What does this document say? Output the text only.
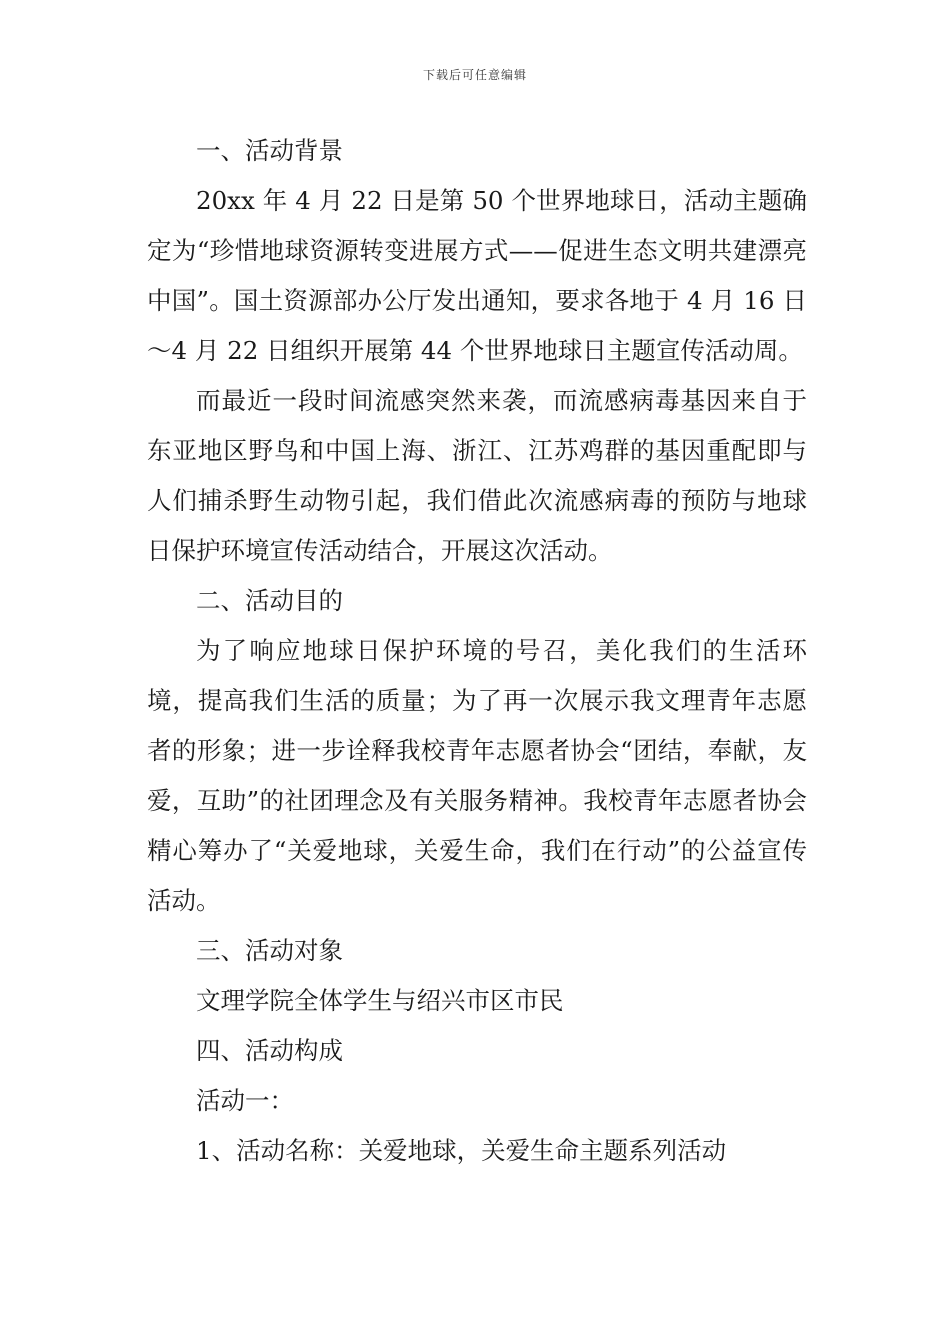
下载后可任意编辑

一、活动背景

20xx 年 4 月 22 日是第 50 个世界地球日，活动主题确定为“珍惜地球资源转变进展方式——促进生态文明共建漂亮中国”。国土资源部办公厅发出通知，要求各地于 4 月 16 日～4 月 22 日组织开展第 44 个世界地球日主题宣传活动周。

而最近一段时间流感突然来袭，而流感病毒基因来自于东亚地区野鸟和中国上海、浙江、江苏鸡群的基因重配即与人们捕杀野生动物引起，我们借此次流感病毒的预防与地球日保护环境宣传活动结合，开展这次活动。

二、活动目的

为了响应地球日保护环境的号召，美化我们的生活环境，提高我们生活的质量；为了再一次展示我文理青年志愿者的形象；进一步诠释我校青年志愿者协会“团结，奉献，友爱，互助”的社团理念及有关服务精神。我校青年志愿者协会精心筹办了“关爱地球，关爱生命，我们在行动”的公益宣传活动。

三、活动对象

文理学院全体学生与绍兴市区市民

四、活动构成

活动一：

1、活动名称：关爱地球，关爱生命主题系列活动
